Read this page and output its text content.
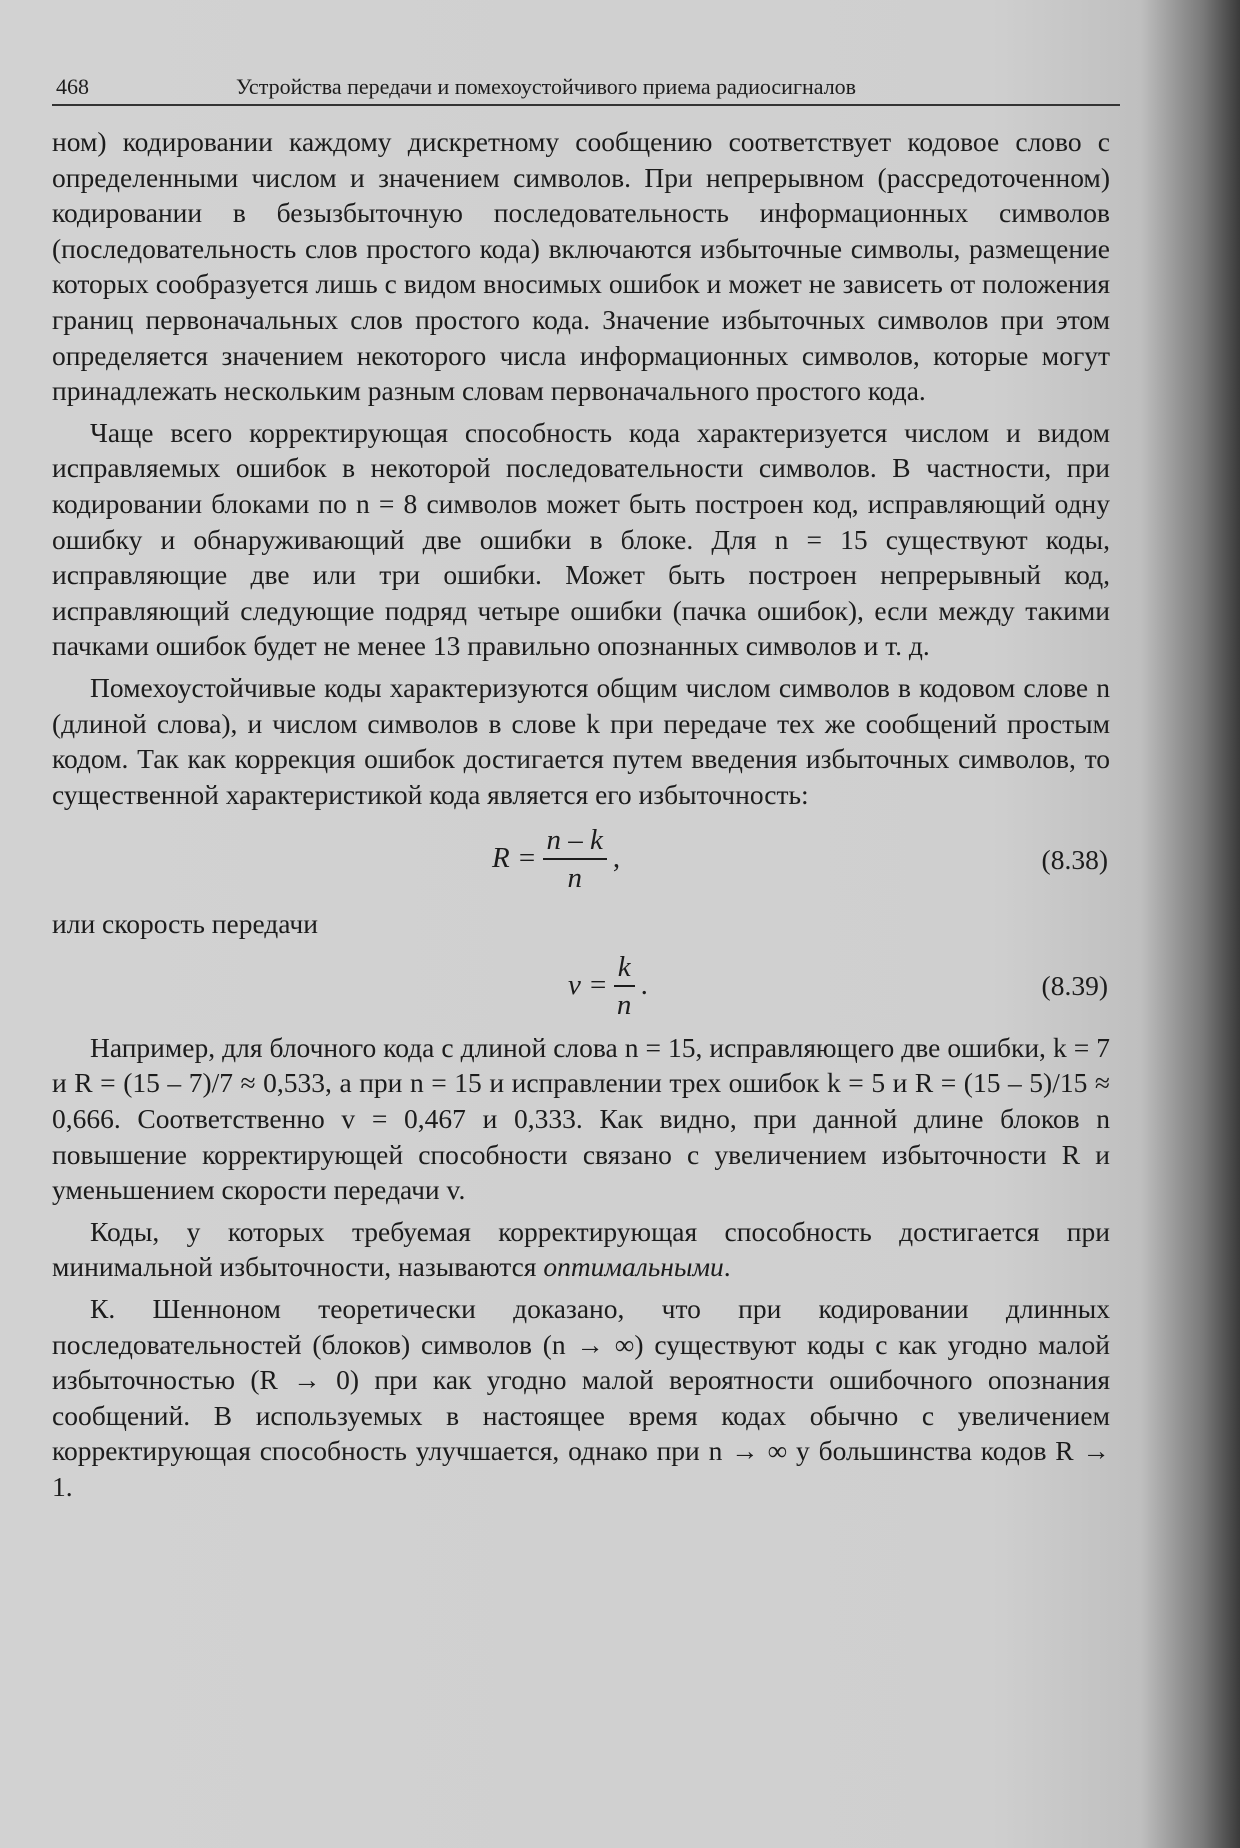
468	Устройства передачи и помехоустойчивого приема радиосигналов

ном) кодировании каждому дискретному сообщению соответствует кодовое слово с определенными числом и значением символов. При непрерывном (рассредоточенном) кодировании в безызбыточную последовательность информационных символов (последовательность слов простого кода) включаются избыточные символы, размещение которых сообразуется лишь с видом вносимых ошибок и может не зависеть от положения границ первоначальных слов простого кода. Значение избыточных символов при этом определяется значением некоторого числа информационных символов, которые могут принадлежать нескольким разным словам первоначального простого кода.

Чаще всего корректирующая способность кода характеризуется числом и видом исправляемых ошибок в некоторой последовательности символов. В частности, при кодировании блоками по n = 8 символов может быть построен код, исправляющий одну ошибку и обнаруживающий две ошибки в блоке. Для n = 15 существуют коды, исправляющие две или три ошибки. Может быть построен непрерывный код, исправляющий следующие подряд четыре ошибки (пачка ошибок), если между такими пачками ошибок будет не менее 13 правильно опознанных символов и т. д.

Помехоустойчивые коды характеризуются общим числом символов в кодовом слове n (длиной слова), и числом символов в слове k при передаче тех же сообщений простым кодом. Так как коррекция ошибок достигается путем введения избыточных символов, то существенной характеристикой кода является его избыточность:

$R = \frac{n - k}{n}$ ,	(8.38)

или скорость передачи

$v = \frac{k}{n}$ .	(8.39)

Например, для блочного кода с длиной слова n = 15, исправляющего две ошибки, k = 7 и R = (15 – 7)/7 ≈ 0,533, а при n = 15 и исправлении трех ошибок k = 5 и R = (15 – 5)/15 ≈ 0,666. Соответственно v = 0,467 и 0,333. Как видно, при данной длине блоков n повышение корректирующей способности связано с увеличением избыточности R и уменьшением скорости передачи v.

Коды, у которых требуемая корректирующая способность достигается при минимальной избыточности, называются оптимальными.

К. Шенноном теоретически доказано, что при кодировании длинных последовательностей (блоков) символов (n → ∞) существуют коды с как угодно малой избыточностью (R → 0) при как угодно малой вероятности ошибочного опознания сообщений. В используемых в настоящее время кодах обычно с увеличением корректирующая способность улучшается, однако при n → ∞ у большинства кодов R → 1.
